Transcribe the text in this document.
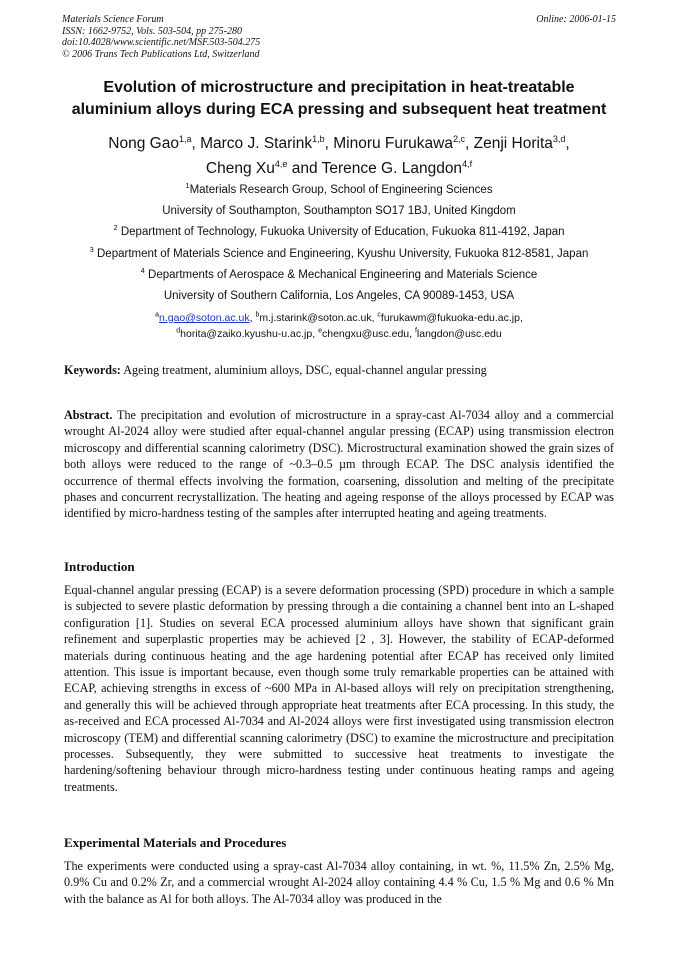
Materials Science Forum
ISSN: 1662-9752, Vols. 503-504, pp 275-280
doi:10.4028/www.scientific.net/MSF.503-504.275
© 2006 Trans Tech Publications Ltd, Switzerland
Online: 2006-01-15
Evolution of microstructure and precipitation in heat-treatable
aluminium alloys during ECA pressing and subsequent heat treatment
Nong Gao$^{1,a}$, Marco J. Starink$^{1,b}$, Minoru Furukawa$^{2,c}$, Zenji Horita$^{3,d}$,
Cheng Xu$^{4,e}$ and Terence G. Langdon$^{4,f}$
$^1$Materials Research Group, School of Engineering Sciences
University of Southampton, Southampton SO17 1BJ, United Kingdom
$^2$ Department of Technology, Fukuoka University of Education, Fukuoka 811-4192, Japan
$^3$ Department of Materials Science and Engineering, Kyushu University, Fukuoka 812-8581, Japan
$^4$ Departments of Aerospace & Mechanical Engineering and Materials Science
University of Southern California, Los Angeles, CA 90089-1453, USA
$^a$n.gao@soton.ac.uk, $^b$m.j.starink@soton.ac.uk, $^c$furukawm@fukuoka-edu.ac.jp,
$^d$horita@zaiko.kyushu-u.ac.jp, $^e$chengxu@usc.edu, $^f$langdon@usc.edu
Keywords: Ageing treatment, aluminium alloys, DSC, equal-channel angular pressing
Abstract. The precipitation and evolution of microstructure in a spray-cast Al-7034 alloy and a commercial wrought Al-2024 alloy were studied after equal-channel angular pressing (ECAP) using transmission electron microscopy and differential scanning calorimetry (DSC). Microstructural examination showed the grain sizes of both alloys were reduced to the range of ~0.3–0.5 µm through ECAP. The DSC analysis identified the occurrence of thermal effects involving the formation, coarsening, dissolution and melting of the precipitate phases and concurrent recrystallization. The heating and ageing response of the alloys processed by ECAP was identified by micro-hardness testing of the samples after interrupted heating and ageing treatments.
Introduction
Equal-channel angular pressing (ECAP) is a severe deformation processing (SPD) procedure in which a sample is subjected to severe plastic deformation by pressing through a die containing a channel bent into an L-shaped configuration [1]. Studies on several ECA processed aluminium alloys have shown that significant grain refinement and superplastic properties may be achieved [2 , 3]. However, the stability of ECAP-deformed materials during continuous heating and the age hardening potential after ECAP has received only limited attention. This issue is important because, even though some truly remarkable properties can be attained with ECAP, achieving strengths in excess of ~600 MPa in Al-based alloys will rely on precipitation strengthening, and generally this will be achieved through appropriate heat treatments after ECA processing. In this study, the as-received and ECA processed Al-7034 and Al-2024 alloys were first investigated using transmission electron microscopy (TEM) and differential scanning calorimetry (DSC) to examine the microstructure and precipitation processes. Subsequently, they were submitted to successive heat treatments to investigate the hardening/softening behaviour through micro-hardness testing under continuous heating ramps and ageing treatments.
Experimental Materials and Procedures
The experiments were conducted using a spray-cast Al-7034 alloy containing, in wt. %, 11.5% Zn, 2.5% Mg, 0.9% Cu and 0.2% Zr, and a commercial wrought Al-2024 alloy containing 4.4 % Cu, 1.5 % Mg and 0.6 % Mn with the balance as Al for both alloys. The Al-7034 alloy was produced in the
